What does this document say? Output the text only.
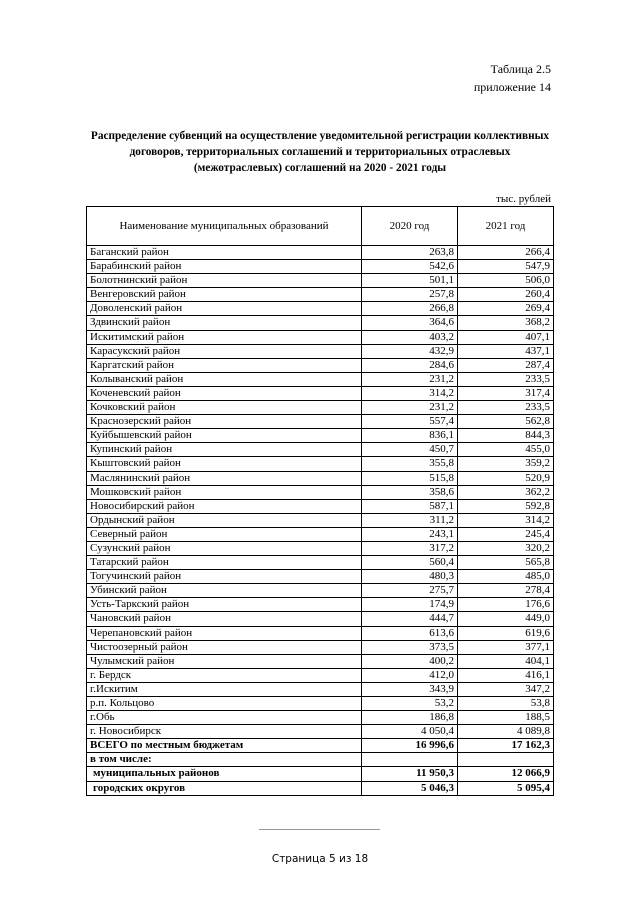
Таблица 2.5
приложение 14
Распределение субвенций на осуществление уведомительной регистрации коллективных договоров, территориальных соглашений и территориальных отраслевых (межотраслевых) соглашений на 2020 - 2021 годы
тыс. рублей
Наименование муниципальных образований	2020 год	2021 год
Баганский район	263,8	266,4
Барабинский район	542,6	547,9
Болотнинский район	501,1	506,0
Венгеровский район	257,8	260,4
Доволенский район	266,8	269,4
Здвинский район	364,6	368,2
Искитимский район	403,2	407,1
Карасукский район	432,9	437,1
Каргатский район	284,6	287,4
Колыванский район	231,2	233,5
Коченевский район	314,2	317,4
Кочковский район	231,2	233,5
Краснозерский район	557,4	562,8
Куйбышевский район	836,1	844,3
Купинский район	450,7	455,0
Кыштовский район	355,8	359,2
Маслянинский район	515,8	520,9
Мошковский район	358,6	362,2
Новосибирский район	587,1	592,8
Ордынский район	311,2	314,2
Северный район	243,1	245,4
Сузунский район	317,2	320,2
Татарский район	560,4	565,8
Тогучинский район	480,3	485,0
Убинский район	275,7	278,4
Усть-Таркский район	174,9	176,6
Чановский район	444,7	449,0
Черепановский район	613,6	619,6
Чистоозерный район	373,5	377,1
Чулымский район	400,2	404,1
г. Бердск	412,0	416,1
г.Искитим	343,9	347,2
р.п. Кольцово	53,2	53,8
г.Обь	186,8	188,5
г. Новосибирск	4 050,4	4 089,8
ВСЕГО по местным бюджетам	16 996,6	17 162,3
в том числе:		
муниципальных районов	11 950,3	12 066,9
городских округов	5 046,3	5 095,4
Страница 5 из 18
